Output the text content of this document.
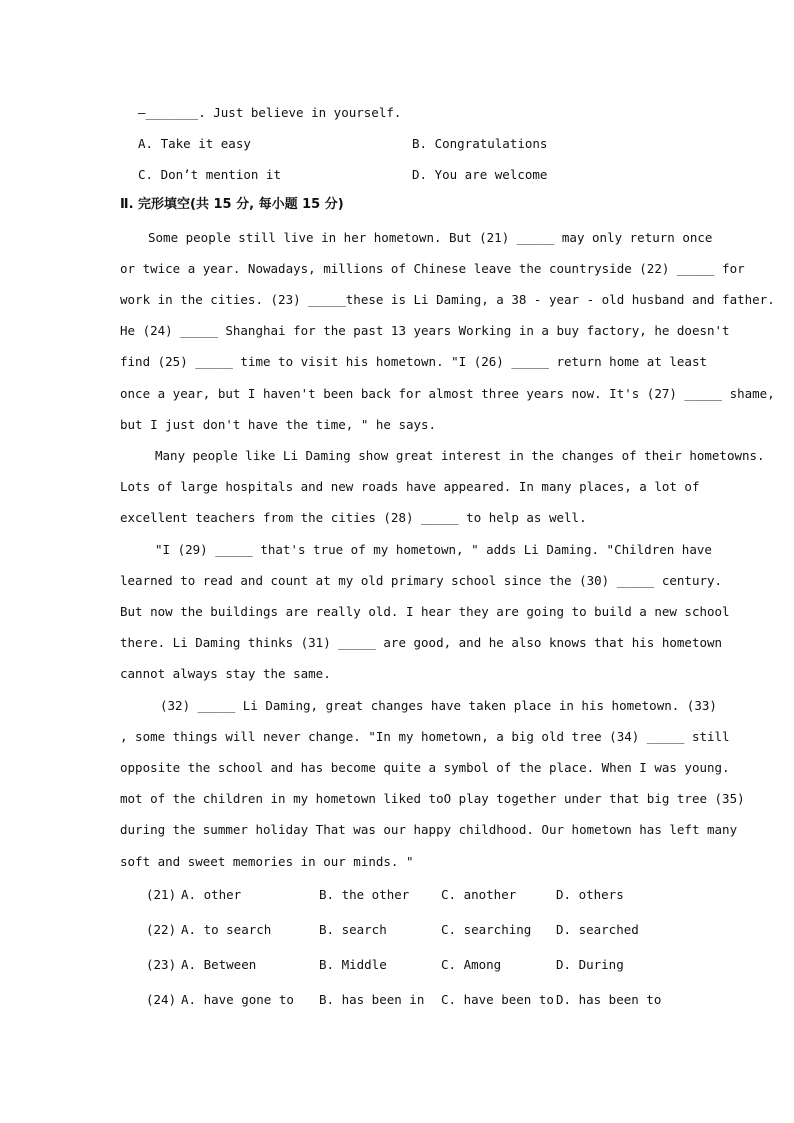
—_______. Just believe in yourself.
A. Take it easy	B. Congratulations
C. Don’t mention it	D. You are welcome
Ⅱ. 完形填空(共 15 分, 每小题 15 分)
Some people still live in her hometown. But (21) _____ may only return once
or twice a year. Nowadays, millions of Chinese leave the countryside (22) _____ for
work in the cities. (23) _____these is Li Daming, a 38 - year - old husband and father.
He (24) _____ Shanghai for the past 13 years Working in a buy factory, he doesn't
find (25) _____ time to visit his hometown. "I (26) _____ return home at least
once a year, but I haven't been back for almost three years now. It's (27) _____ shame,
but I just don't have the time, " he says.
Many people like Li Daming show great interest in the changes of their hometowns.
Lots of large hospitals and new roads have appeared. In many places, a lot of
excellent teachers from the cities (28) _____ to help as well.
"I (29) _____ that's true of my hometown, " adds Li Daming. "Children have
learned to read and count at my old primary school since the (30) _____ century.
But now the buildings are really old. I hear they are going to build a new school
there. Li Daming thinks (31) _____ are good, and he also knows that his hometown
cannot always stay the same.
(32) _____ Li Daming, great changes have taken place in his hometown. (33)
, some things will never change. "In my hometown, a big old tree (34) _____ still
opposite the school and has become quite a symbol of the place. When I was young.
mot of the children in my hometown liked toO play together under that big tree (35)
during the summer holiday That was our happy childhood. Our hometown has left many
soft and sweet memories in our minds. "
(21) A. other	B. the other	C. another	D. others
(22) A. to search	B. search	C. searching D. searched
(23) A. Between	B. Middle	C. Among	D. During
(24) A. have gone to B. has been in C. have been to D. has been to
